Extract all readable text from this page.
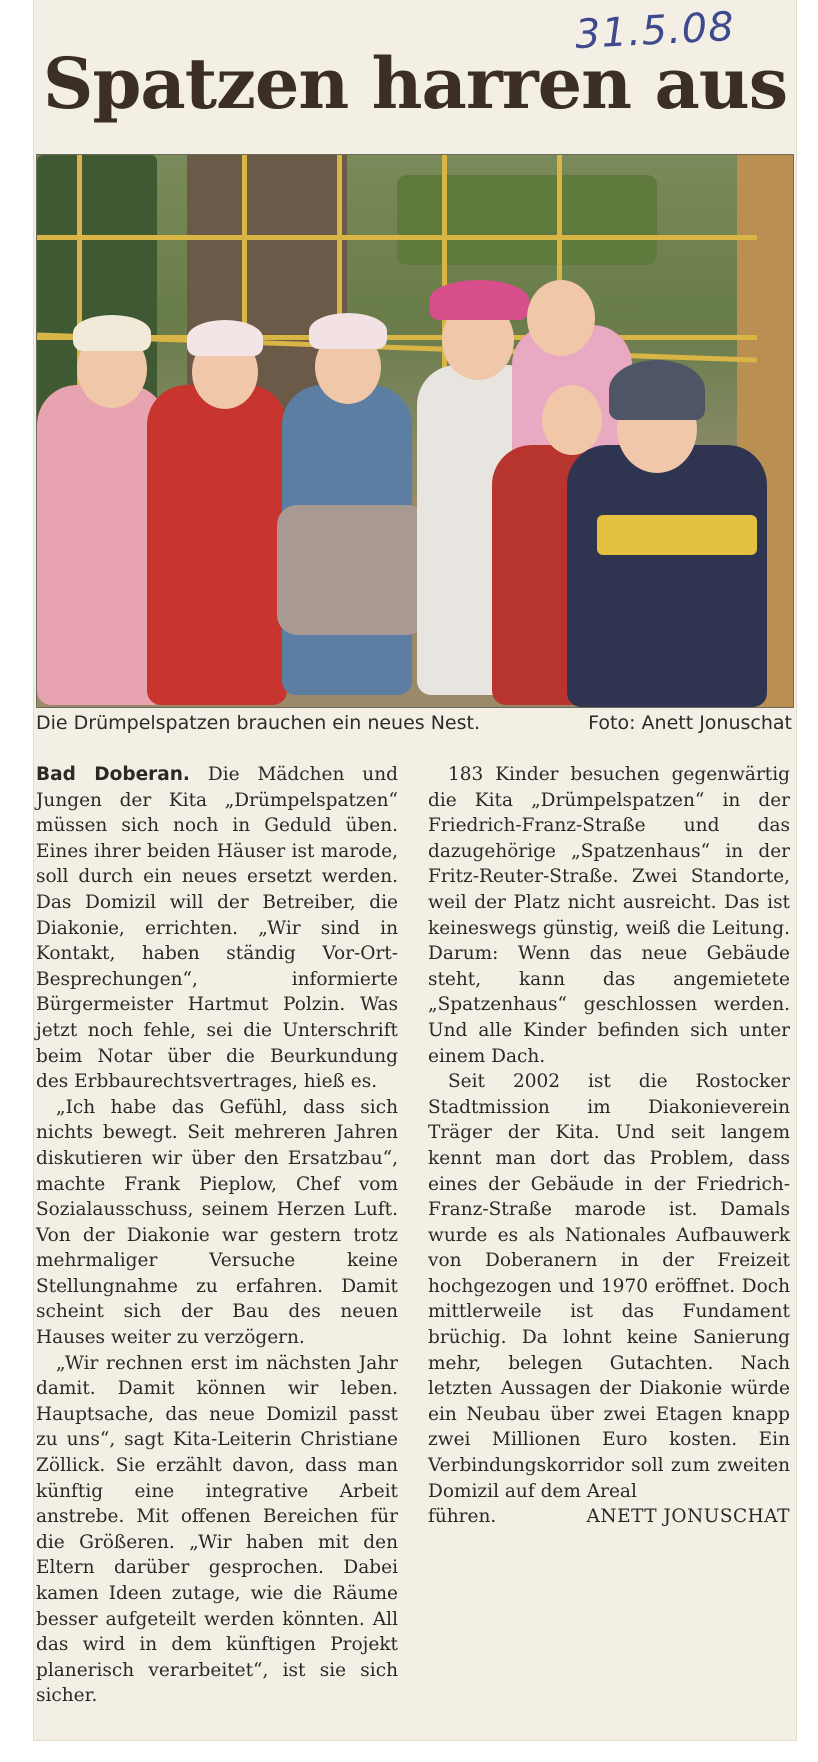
31.5.08
Spatzen harren aus
Die Drümpelspatzen brauchen ein neues Nest.	Foto: Anett Jonuschat

Bad Doberan. Die Mädchen und Jungen der Kita „Drümpelspatzen“ müssen sich noch in Geduld üben. Eines ihrer beiden Häuser ist marode, soll durch ein neues ersetzt werden. Das Domizil will der Betreiber, die Diakonie, errichten. „Wir sind in Kontakt, haben ständig Vor-Ort-Besprechungen“, informierte Bürgermeister Hartmut Polzin. Was jetzt noch fehle, sei die Unterschrift beim Notar über die Beurkundung des Erbbaurechtsvertrages, hieß es.

„Ich habe das Gefühl, dass sich nichts bewegt. Seit mehreren Jahren diskutieren wir über den Ersatzbau“, machte Frank Pieplow, Chef vom Sozialausschuss, seinem Herzen Luft. Von der Diakonie war gestern trotz mehrmaliger Versuche keine Stellungnahme zu erfahren. Damit scheint sich der Bau des neuen Hauses weiter zu verzögern.

„Wir rechnen erst im nächsten Jahr damit. Damit können wir leben. Hauptsache, das neue Domizil passt zu uns“, sagt Kita-Leiterin Christiane Zöllick. Sie erzählt davon, dass man künftig eine integrative Arbeit anstrebe. Mit offenen Bereichen für die Größeren. „Wir haben mit den Eltern darüber gesprochen. Dabei kamen Ideen zutage, wie die Räume besser aufgeteilt werden könnten. All das wird in dem künftigen Projekt planerisch verarbeitet“, ist sie sich sicher.

183 Kinder besuchen gegenwärtig die Kita „Drümpelspatzen“ in der Friedrich-Franz-Straße und das dazugehörige „Spatzenhaus“ in der Fritz-Reuter-Straße. Zwei Standorte, weil der Platz nicht ausreicht. Das ist keineswegs günstig, weiß die Leitung. Darum: Wenn das neue Gebäude steht, kann das angemietete „Spatzenhaus“ geschlossen werden. Und alle Kinder befinden sich unter einem Dach.

Seit 2002 ist die Rostocker Stadtmission im Diakonieverein Träger der Kita. Und seit langem kennt man dort das Problem, dass eines der Gebäude in der Friedrich-Franz-Straße marode ist. Damals wurde es als Nationales Aufbauwerk von Doberanern in der Freizeit hochgezogen und 1970 eröffnet. Doch mittlerweile ist das Fundament brüchig. Da lohnt keine Sanierung mehr, belegen Gutachten. Nach letzten Aussagen der Diakonie würde ein Neubau über zwei Etagen knapp zwei Millionen Euro kosten. Ein Verbindungskorridor soll zum zweiten Domizil auf dem Areal

führen.	ANETT JONUSCHAT
